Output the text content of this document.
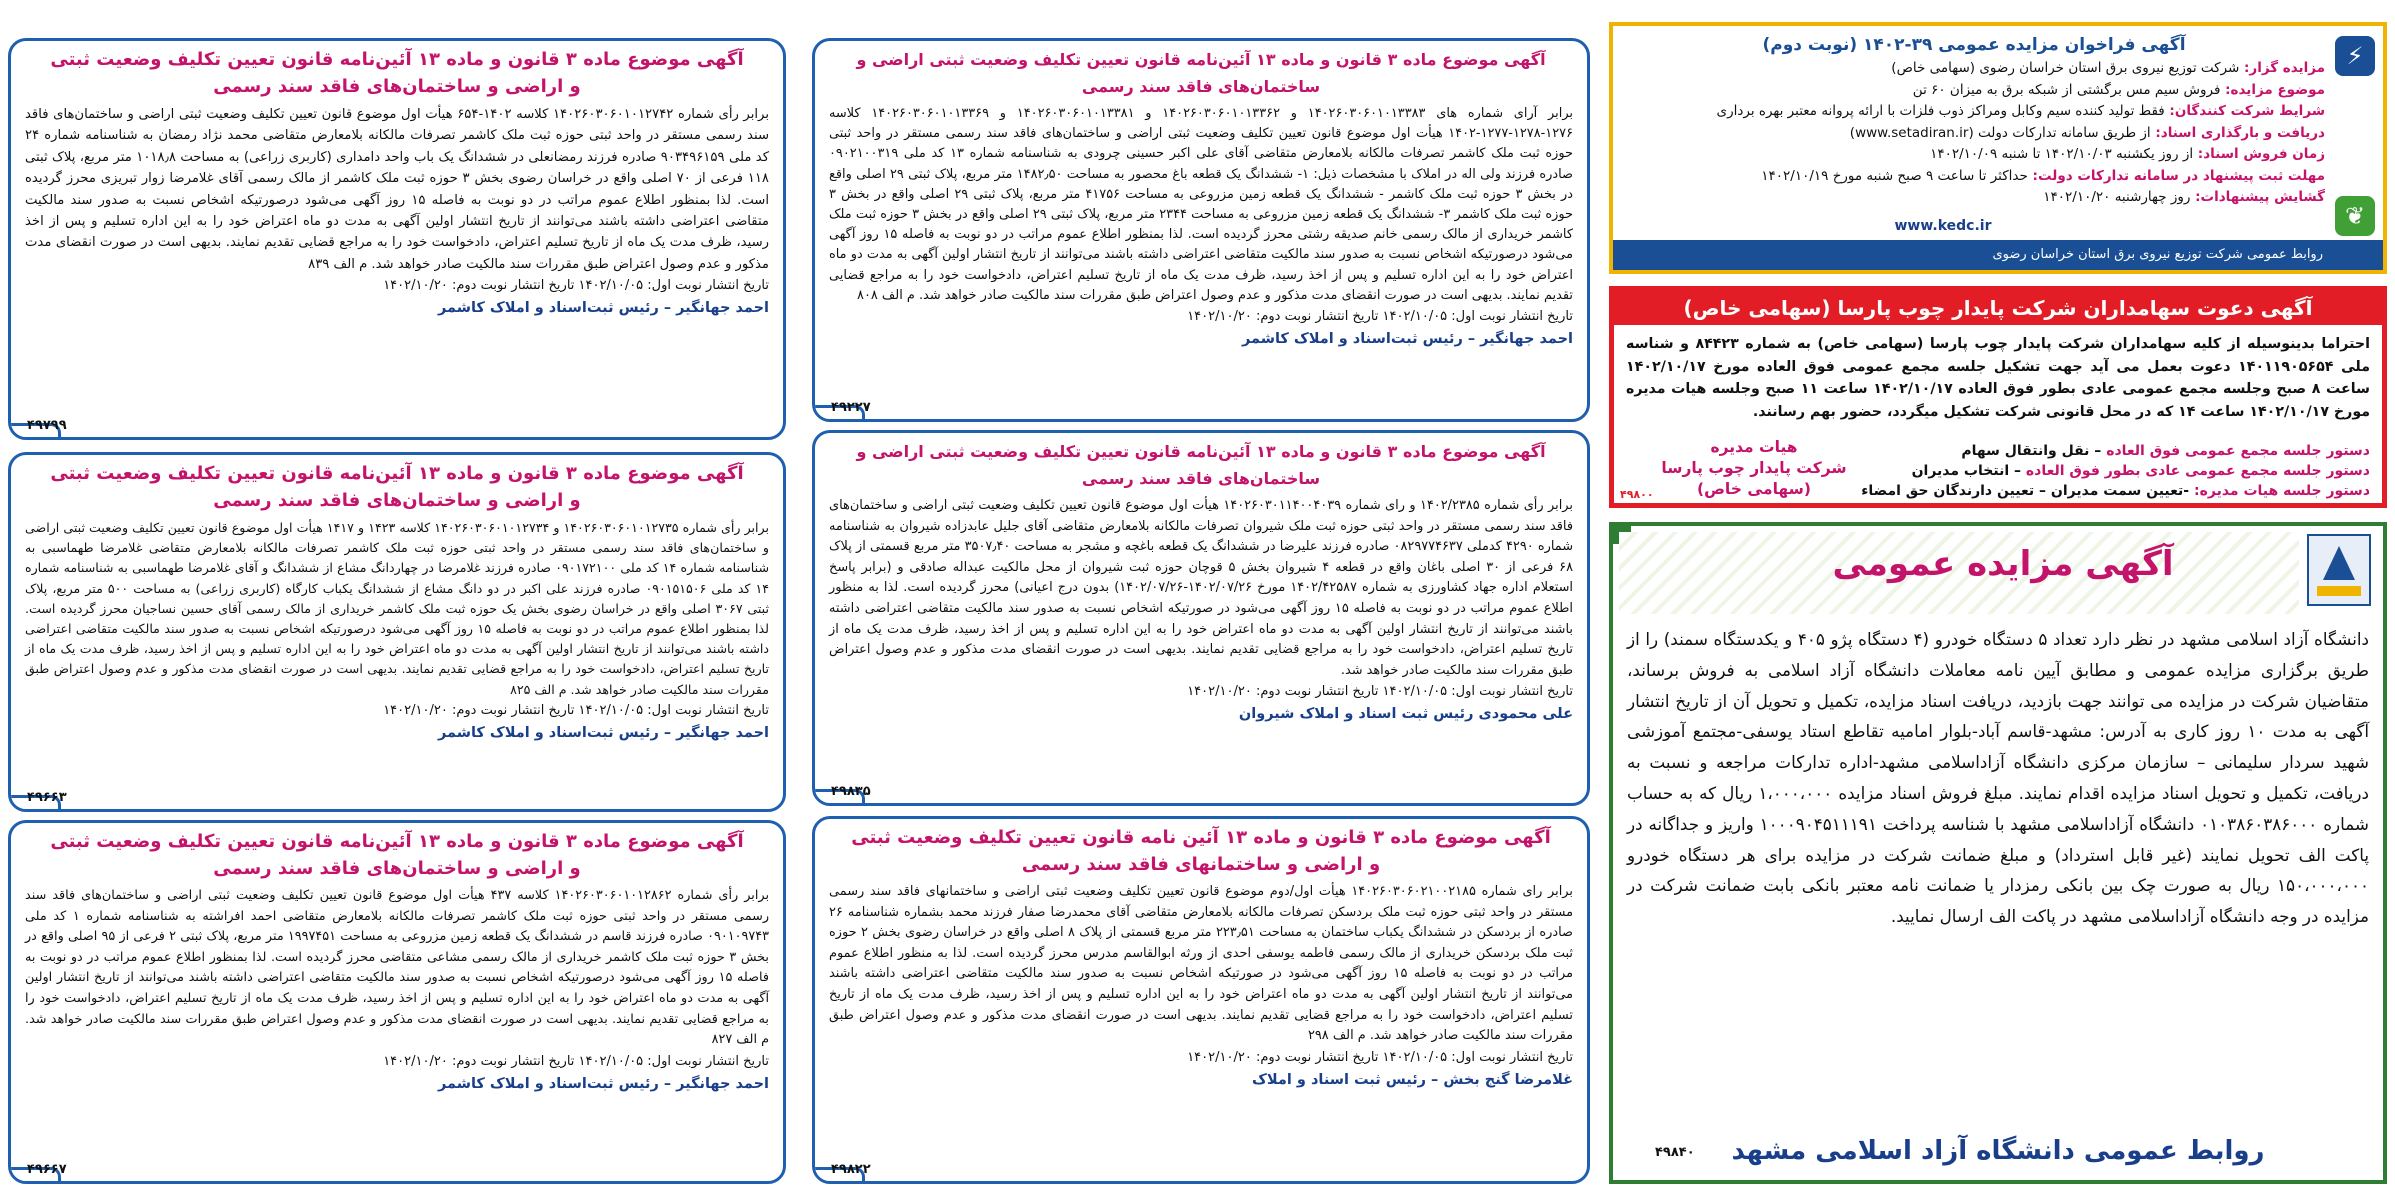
آگهی موضوع ماده ۳ قانون و ماده ۱۳ آئین‌نامه قانون تعیین تکلیف وضعیت ثبتی
و اراضی و ساختمان‌های فاقد سند رسمی
برابر رأی شماره ۱۴۰۲۶۰۳۰۶۰۱۰۱۲۷۴۲ کلاسه ۱۴۰۲-۶۵۴ هیأت اول موضوع قانون تعیین تکلیف وضعیت ثبتی اراضی و ساختمان‌های فاقد سند رسمی مستقر در واحد ثبتی حوزه ثبت ملک کاشمر تصرفات مالکانه بلامعارض متقاضی محمد نژاد رمضان به شناسنامه شماره ۲۴ کد ملی ۹۰۳۴۹۶۱۵۹ صادره فرزند رمضانعلی در ششدانگ یک باب واحد دامداری (کاربری زراعی) به مساحت ۱۰۱۸٫۸ متر مربع، پلاک ثبتی ۱۱۸ فرعی از ۷۰ اصلی واقع در خراسان رضوی بخش ۳ حوزه ثبت ملک کاشمر از مالک رسمی آقای غلامرضا زوار تبریزی محرز گردیده است. لذا بمنظور اطلاع عموم مراتب در دو نوبت به فاصله ۱۵ روز آگهی می‌شود درصورتیکه اشخاص نسبت به صدور سند مالکیت متقاضی اعتراضی داشته باشند می‌توانند از تاریخ انتشار اولین آگهی به مدت دو ماه اعتراض خود را به این اداره تسلیم و پس از اخذ رسید، ظرف مدت یک ماه از تاریخ تسلیم اعتراض، دادخواست خود را به مراجع قضایی تقدیم نمایند. بدیهی است در صورت انقضای مدت مذکور و عدم وصول اعتراض طبق مقررات سند مالکیت صادر خواهد شد. م الف ۸۳۹
تاریخ انتشار نوبت اول: ۱۴۰۲/۱۰/۰۵ تاریخ انتشار نوبت دوم: ۱۴۰۲/۱۰/۲۰
احمد جهانگیر – رئیس ثبت‌اسناد و املاک کاشمر
۴۹۷۹۹
آگهی موضوع ماده ۳ قانون و ماده ۱۳ آئین‌نامه قانون تعیین تکلیف وضعیت ثبتی
و اراضی و ساختمان‌های فاقد سند رسمی
برابر رأی شماره ۱۴۰۲۶۰۳۰۶۰۱۰۱۲۷۳۵ و ۱۴۰۲۶۰۳۰۶۰۱۰۱۲۷۳۴ کلاسه ۱۴۲۳ و ۱۴۱۷ هیأت اول موضوع قانون تعیین تکلیف وضعیت ثبتی اراضی و ساختمان‌های فاقد سند رسمی مستقر در واحد ثبتی حوزه ثبت ملک کاشمر تصرفات مالکانه بلامعارض متقاضی غلامرضا طهماسبی به شناسنامه شماره ۱۴ کد ملی ۰۹۰۱۷۲۱۰۰ صادره فرزند غلامرضا در چهاردانگ مشاع از ششدانگ و آقای غلامرضا طهماسبی به شناسنامه شماره ۱۴ کد ملی ۰۹۰۱۵۱۵۰۶ صادره فرزند علی اکبر در دو دانگ مشاع از ششدانگ یکباب کارگاه (کاربری زراعی) به مساحت ۵۰۰ متر مربع، پلاک ثبتی ۳۰۶۷ اصلی واقع در خراسان رضوی بخش یک حوزه ثبت ملک کاشمر خریداری از مالک رسمی آقای حسین نساجیان محرز گردیده است. لذا بمنظور اطلاع عموم مراتب در دو نوبت به فاصله ۱۵ روز آگهی می‌شود درصورتیکه اشخاص نسبت به صدور سند مالکیت متقاضی اعتراضی داشته باشند می‌توانند از تاریخ انتشار اولین آگهی به مدت دو ماه اعتراض خود را به این اداره تسلیم و پس از اخذ رسید، ظرف مدت یک ماه از تاریخ تسلیم اعتراض، دادخواست خود را به مراجع قضایی تقدیم نمایند. بدیهی است در صورت انقضای مدت مذکور و عدم وصول اعتراض طبق مقررات سند مالکیت صادر خواهد شد. م الف ۸۲۵
تاریخ انتشار نوبت اول: ۱۴۰۲/۱۰/۰۵ تاریخ انتشار نوبت دوم: ۱۴۰۲/۱۰/۲۰
احمد جهانگیر – رئیس ثبت‌اسناد و املاک کاشمر
۴۹۶۶۳
آگهی موضوع ماده ۳ قانون و ماده ۱۳ آئین‌نامه قانون تعیین تکلیف وضعیت ثبتی
و اراضی و ساختمان‌های فاقد سند رسمی
برابر رأی شماره ۱۴۰۲۶۰۳۰۶۰۱۰۱۲۸۶۲ کلاسه ۴۳۷ هیأت اول موضوع قانون تعیین تکلیف وضعیت ثبتی اراضی و ساختمان‌های فاقد سند رسمی مستقر در واحد ثبتی حوزه ثبت ملک کاشمر تصرفات مالکانه بلامعارض متقاضی احمد افراشته به شناسنامه شماره ۱ کد ملی ۰۹۰۱۰۹۷۴۳ صادره فرزند قاسم در ششدانگ یک قطعه زمین مزروعی به مساحت ۱۹۹۷۴۵۱ متر مربع، پلاک ثبتی ۲ فرعی از ۹۵ اصلی واقع در بخش ۳ حوزه ثبت ملک کاشمر خریداری از مالک رسمی مشاعی متقاضی محرز گردیده است. لذا بمنظور اطلاع عموم مراتب در دو نوبت به فاصله ۱۵ روز آگهی می‌شود درصورتیکه اشخاص نسبت به صدور سند مالکیت متقاضی اعتراضی داشته باشند می‌توانند از تاریخ انتشار اولین آگهی به مدت دو ماه اعتراض خود را به این اداره تسلیم و پس از اخذ رسید، ظرف مدت یک ماه از تاریخ تسلیم اعتراض، دادخواست خود را به مراجع قضایی تقدیم نمایند. بدیهی است در صورت انقضای مدت مذکور و عدم وصول اعتراض طبق مقررات سند مالکیت صادر خواهد شد. م الف ۸۲۷
تاریخ انتشار نوبت اول: ۱۴۰۲/۱۰/۰۵ تاریخ انتشار نوبت دوم: ۱۴۰۲/۱۰/۲۰
احمد جهانگیر – رئیس ثبت‌اسناد و املاک کاشمر
۴۹۶۶۷
آگهی موضوع ماده ۳ قانون و ماده ۱۳ آئین‌نامه قانون تعیین تکلیف وضعیت ثبتی اراضی و ساختمان‌های فاقد سند رسمی
برابر آرای شماره های ۱۴۰۲۶۰۳۰۶۰۱۰۱۳۳۸۳ و ۱۴۰۲۶۰۳۰۶۰۱۰۱۳۳۶۲ و ۱۴۰۲۶۰۳۰۶۰۱۰۱۳۳۸۱ و ۱۴۰۲۶۰۳۰۶۰۱۰۱۳۳۶۹ کلاسه ۱۲۷۶-۱۲۷۸-۱۲۷۷-۱۴۰۲ هیأت اول موضوع قانون تعیین تکلیف وضعیت ثبتی اراضی و ساختمان‌های فاقد سند رسمی مستقر در واحد ثبتی حوزه ثبت ملک کاشمر تصرفات مالکانه بلامعارض متقاضی آقای علی اکبر حسینی چرودی به شناسنامه شماره ۱۳ کد ملی ۰۹۰۲۱۰۰۳۱۹ صادره فرزند ولی اله در املاک با مشخصات ذیل: ۱- ششدانگ یک قطعه باغ محصور به مساحت ۱۴۸۲٫۵۰ متر مربع، پلاک ثبتی ۲۹ اصلی واقع در بخش ۳ حوزه ثبت ملک کاشمر - ششدانگ یک قطعه زمین مزروعی به مساحت ۴۱۷۵۶ متر مربع، پلاک ثبتی ۲۹ اصلی واقع در بخش ۳ حوزه ثبت ملک کاشمر ۳- ششدانگ یک قطعه زمین مزروعی به مساحت ۲۳۴۴ متر مربع، پلاک ثبتی ۲۹ اصلی واقع در بخش ۳ حوزه ثبت ملک کاشمر خریداری از مالک رسمی خانم صدیقه رشتی محرز گردیده است. لذا بمنظور اطلاع عموم مراتب در دو نوبت به فاصله ۱۵ روز آگهی می‌شود درصورتیکه اشخاص نسبت به صدور سند مالکیت متقاضی اعتراضی داشته باشند می‌توانند از تاریخ انتشار اولین آگهی به مدت دو ماه اعتراض خود را به این اداره تسلیم و پس از اخذ رسید، ظرف مدت یک ماه از تاریخ تسلیم اعتراض، دادخواست خود را به مراجع قضایی تقدیم نمایند. بدیهی است در صورت انقضای مدت مذکور و عدم وصول اعتراض طبق مقررات سند مالکیت صادر خواهد شد. م الف ۸۰۸
تاریخ انتشار نوبت اول: ۱۴۰۲/۱۰/۰۵ تاریخ انتشار نوبت دوم: ۱۴۰۲/۱۰/۲۰
احمد جهانگیر – رئیس ثبت‌اسناد و املاک کاشمر
۴۹۲۲۷
آگهی موضوع ماده ۳ قانون و ماده ۱۳ آئین‌نامه قانون تعیین تکلیف وضعیت ثبتی اراضی و ساختمان‌های فاقد سند رسمی
برابر رأی شماره ۱۴۰۲/۲۳۸۵ و رای شماره ۱۴۰۲۶۰۳۰۱۱۴۰۰۴۰۳۹ هیأت اول موضوع قانون تعیین تکلیف وضعیت ثبتی اراضی و ساختمان‌های فاقد سند رسمی مستقر در واحد ثبتی حوزه ثبت ملک شیروان تصرفات مالکانه بلامعارض متقاضی آقای جلیل عابدزاده شیروان به شناسنامه شماره ۴۲۹۰ کدملی ۰۸۲۹۷۷۴۶۳۷ صادره فرزند علیرضا در ششدانگ یک قطعه باغچه و مشجر به مساحت ۳۵۰۷٫۴۰ متر مربع قسمتی از پلاک ۶۸ فرعی از ۳۰ اصلی باغان واقع در قطعه ۴ شیروان بخش ۵ قوچان حوزه ثبت شیروان از محل مالکیت عبداله صادقی و (برابر پاسخ استعلام اداره جهاد کشاورزی به شماره ۱۴۰۲/۴۲۵۸۷ مورخ ۱۴۰۲/۰۷/۲۶-۱۴۰۲/۰۷/۲۶) بدون درج اعیانی) محرز گردیده است. لذا به منظور اطلاع عموم مراتب در دو نوبت به فاصله ۱۵ روز آگهی می‌شود در صورتیکه اشخاص نسبت به صدور سند مالکیت متقاضی اعتراضی داشته باشند می‌توانند از تاریخ انتشار اولین آگهی به مدت دو ماه اعتراض خود را به این اداره تسلیم و پس از اخذ رسید، ظرف مدت یک ماه از تاریخ تسلیم اعتراض، دادخواست خود را به مراجع قضایی تقدیم نمایند. بدیهی است در صورت انقضای مدت مذکور و عدم وصول اعتراض طبق مقررات سند مالکیت صادر خواهد شد.
تاریخ انتشار نوبت اول: ۱۴۰۲/۱۰/۰۵ تاریخ انتشار نوبت دوم: ۱۴۰۲/۱۰/۲۰
علی محمودی رئیس ثبت اسناد و املاک شیروان
۴۹۸۳۵
آگهی موضوع ماده ۳ قانون و ماده ۱۳ آئین نامه قانون تعیین تکلیف وضعیت ثبتی
و اراضی و ساختمانهای فاقد سند رسمی
برابر رای شماره ۱۴۰۲۶۰۳۰۶۰۲۱۰۰۲۱۸۵ هیأت اول/دوم موضوع قانون تعیین تکلیف وضعیت ثبتی اراضی و ساختمانهای فاقد سند رسمی مستقر در واحد ثبتی حوزه ثبت ملک بردسکن تصرفات مالکانه بلامعارض متقاضی آقای محمدرضا صفار فرزند محمد بشماره شناسنامه ۲۶ صادره از بردسکن در ششدانگ یکباب ساختمان به مساحت ۲۲۳٫۵۱ متر مربع قسمتی از پلاک ۸ اصلی واقع در خراسان رضوی بخش ۲ حوزه ثبت ملک بردسکن خریداری از مالک رسمی فاطمه یوسفی احدی از ورثه ابوالقاسم مدرس محرز گردیده است. لذا به منظور اطلاع عموم مراتب در دو نوبت به فاصله ۱۵ روز آگهی می‌شود در صورتیکه اشخاص نسبت به صدور سند مالکیت متقاضی اعتراضی داشته باشند می‌توانند از تاریخ انتشار اولین آگهی به مدت دو ماه اعتراض خود را به این اداره تسلیم و پس از اخذ رسید، ظرف مدت یک ماه از تاریخ تسلیم اعتراض، دادخواست خود را به مراجع قضایی تقدیم نمایند. بدیهی است در صورت انقضای مدت مذکور و عدم وصول اعتراض طبق مقررات سند مالکیت صادر خواهد شد. م الف ۲۹۸
تاریخ انتشار نوبت اول: ۱۴۰۲/۱۰/۰۵ تاریخ انتشار نوبت دوم: ۱۴۰۲/۱۰/۲۰
غلامرضا گنج بخش – رئیس ثبت اسناد و املاک
۴۹۸۲۲
⚡
❦
آگهی فراخوان مزایده عمومی ۳۹-۱۴۰۲ (نوبت دوم)
مزایده گزار: شرکت توزیع نیروی برق استان خراسان رضوی (سهامی خاص)
موضوع مزایده: فروش سیم مس برگشتی از شبکه برق به میزان ۶۰ تن
شرایط شرکت کنندگان: فقط تولید کننده سیم وکابل ومراکز ذوب فلزات با ارائه پروانه معتبر بهره برداری
دریافت و بارگذاری اسناد: از طریق سامانه تدارکات دولت (www.setadiran.ir)
زمان فروش اسناد: از روز یکشنبه ۱۴۰۲/۱۰/۰۳ تا شنبه ۱۴۰۲/۱۰/۰۹
مهلت ثبت پیشنهاد در سامانه تدارکات دولت: حداکثر تا ساعت ۹ صبح شنبه مورخ ۱۴۰۲/۱۰/۱۹
گشایش پیشنهادات: روز چهارشنبه ۱۴۰۲/۱۰/۲۰
www.kedc.ir
روابط عمومی شرکت توزیع نیروی برق استان خراسان رضوی
آگهی دعوت سهامداران شرکت پایدار چوب پارسا (سهامی خاص)
احتراما بدینوسیله از کلیه سهامداران شرکت پایدار چوب پارسا (سهامی خاص) به شماره ۸۴۴۲۳ و شناسه ملی ۱۴۰۱۱۹۰۵۶۵۴ دعوت بعمل می آید جهت تشکیل جلسه مجمع عمومی فوق العاده مورخ ۱۴۰۲/۱۰/۱۷ ساعت ۸ صبح وجلسه مجمع عمومی عادی بطور فوق العاده ۱۴۰۲/۱۰/۱۷ ساعت ۱۱ صبح وجلسه هیات مدیره مورخ ۱۴۰۲/۱۰/۱۷ ساعت ۱۴ که در محل قانونی شرکت تشکیل میگردد، حضور بهم رسانند.
دستور جلسه مجمع عمومی فوق العاده – نقل وانتقال سهام
دستور جلسه مجمع عمومی عادی بطور فوق العاده – انتخاب مدیران
دستور جلسه هیات مدیره: -تعیین سمت مدیران – تعیین دارندگان حق امضاء
هیات مدیره
شرکت پایدار چوب پارسا
(سهامی خاص)
۴۹۸۰۰
آگهی مزایده عمومی
دانشگاه آزاد اسلامی مشهد در نظر دارد تعداد ۵ دستگاه خودرو (۴ دستگاه پژو ۴۰۵ و یکدستگاه سمند) را از طریق برگزاری مزایده عمومی و مطابق آیین نامه معاملات دانشگاه آزاد اسلامی به فروش برساند، متقاضیان شرکت در مزایده می توانند جهت بازدید، دریافت اسناد مزایده، تکمیل و تحویل آن از تاریخ انتشار آگهی به مدت ۱۰ روز کاری به آدرس: مشهد-قاسم آباد-بلوار امامیه تقاطع استاد یوسفی-مجتمع آموزشی شهید سردار سلیمانی – سازمان مرکزی دانشگاه آزاداسلامی مشهد-اداره تدارکات مراجعه و نسبت به دریافت، تکمیل و تحویل اسناد مزایده اقدام نمایند. مبلغ فروش اسناد مزایده ۱،۰۰۰،۰۰۰ ریال که به حساب شماره ۰۱۰۳۸۶۰۳۸۶۰۰۰ دانشگاه آزاداسلامی مشهد با شناسه پرداخت ۱۰۰۰۹۰۴۵۱۱۱۹۱ واریز و جداگانه در پاکت الف تحویل نمایند (غیر قابل استرداد) و مبلغ ضمانت شرکت در مزایده برای هر دستگاه خودرو ۱۵۰،۰۰۰،۰۰۰ ریال به صورت چک بین بانکی رمزدار یا ضمانت نامه معتبر بانکی بابت ضمانت شرکت در مزایده در وجه دانشگاه آزاداسلامی مشهد در پاکت الف ارسال نمایید.
روابط عمومی دانشگاه آزاد اسلامی مشهد
۴۹۸۴۰
